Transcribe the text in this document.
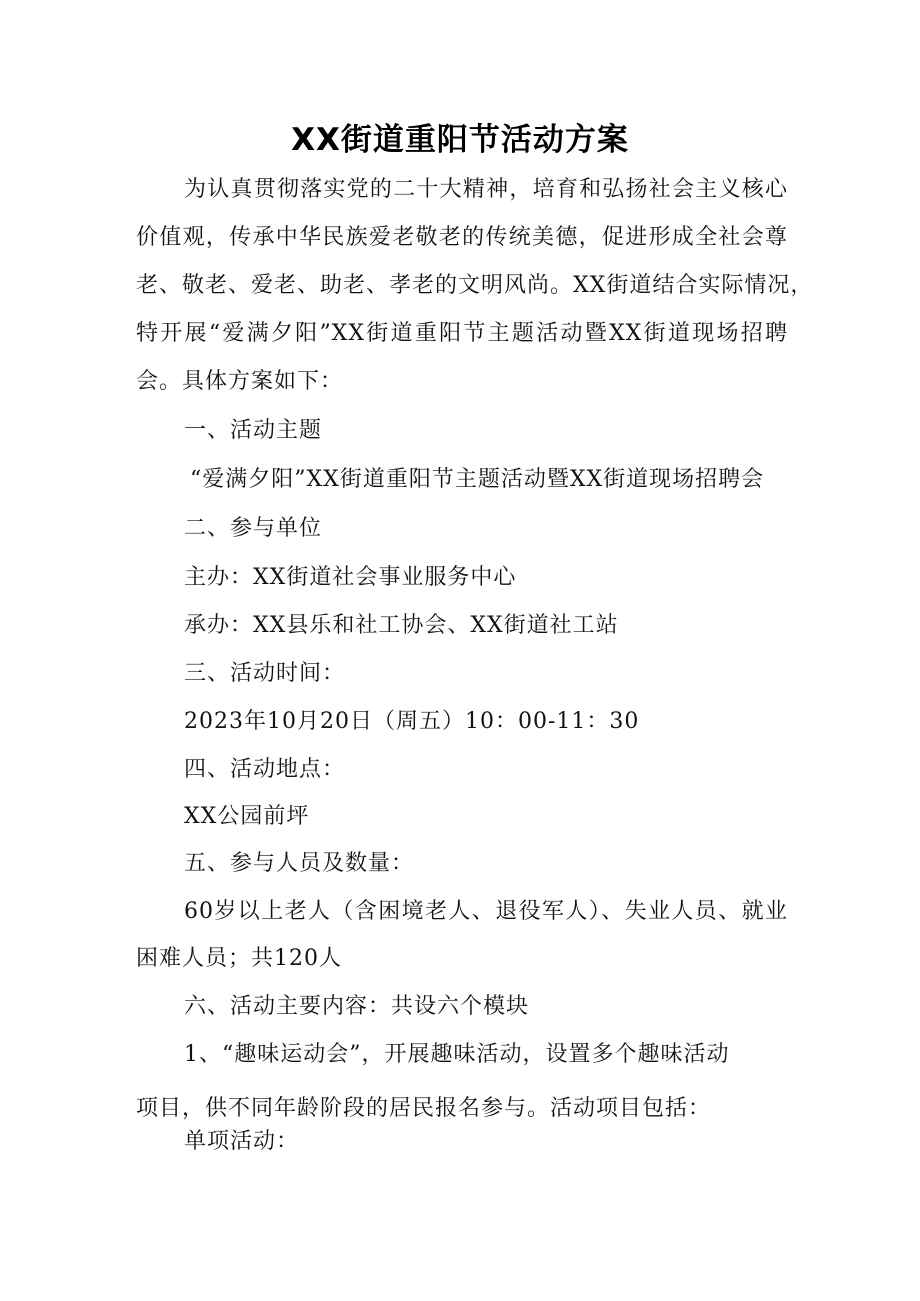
XX街道重阳节活动方案
为认真贯彻落实党的二十大精神，培育和弘扬社会主义核心
价值观，传承中华民族爱老敬老的传统美德，促进形成全社会尊
老、敬老、爱老、助老、孝老的文明风尚。XX街道结合实际情况，
特开展“爱满夕阳”XX街道重阳节主题活动暨XX街道现场招聘
会。具体方案如下：
一、活动主题
“爱满夕阳”XX街道重阳节主题活动暨XX街道现场招聘会
二、参与单位
主办：XX街道社会事业服务中心
承办：XX县乐和社工协会、XX街道社工站
三、活动时间：
2023年10月20日（周五）10：00-11：30
四、活动地点：
XX公园前坪
五、参与人员及数量：
60岁以上老人（含困境老人、退役军人）、失业人员、就业
困难人员；共120人
六、活动主要内容：共设六个模块
1、“趣味运动会”，开展趣味活动，设置多个趣味活动
项目，供不同年龄阶段的居民报名参与。活动项目包括：
单项活动：
